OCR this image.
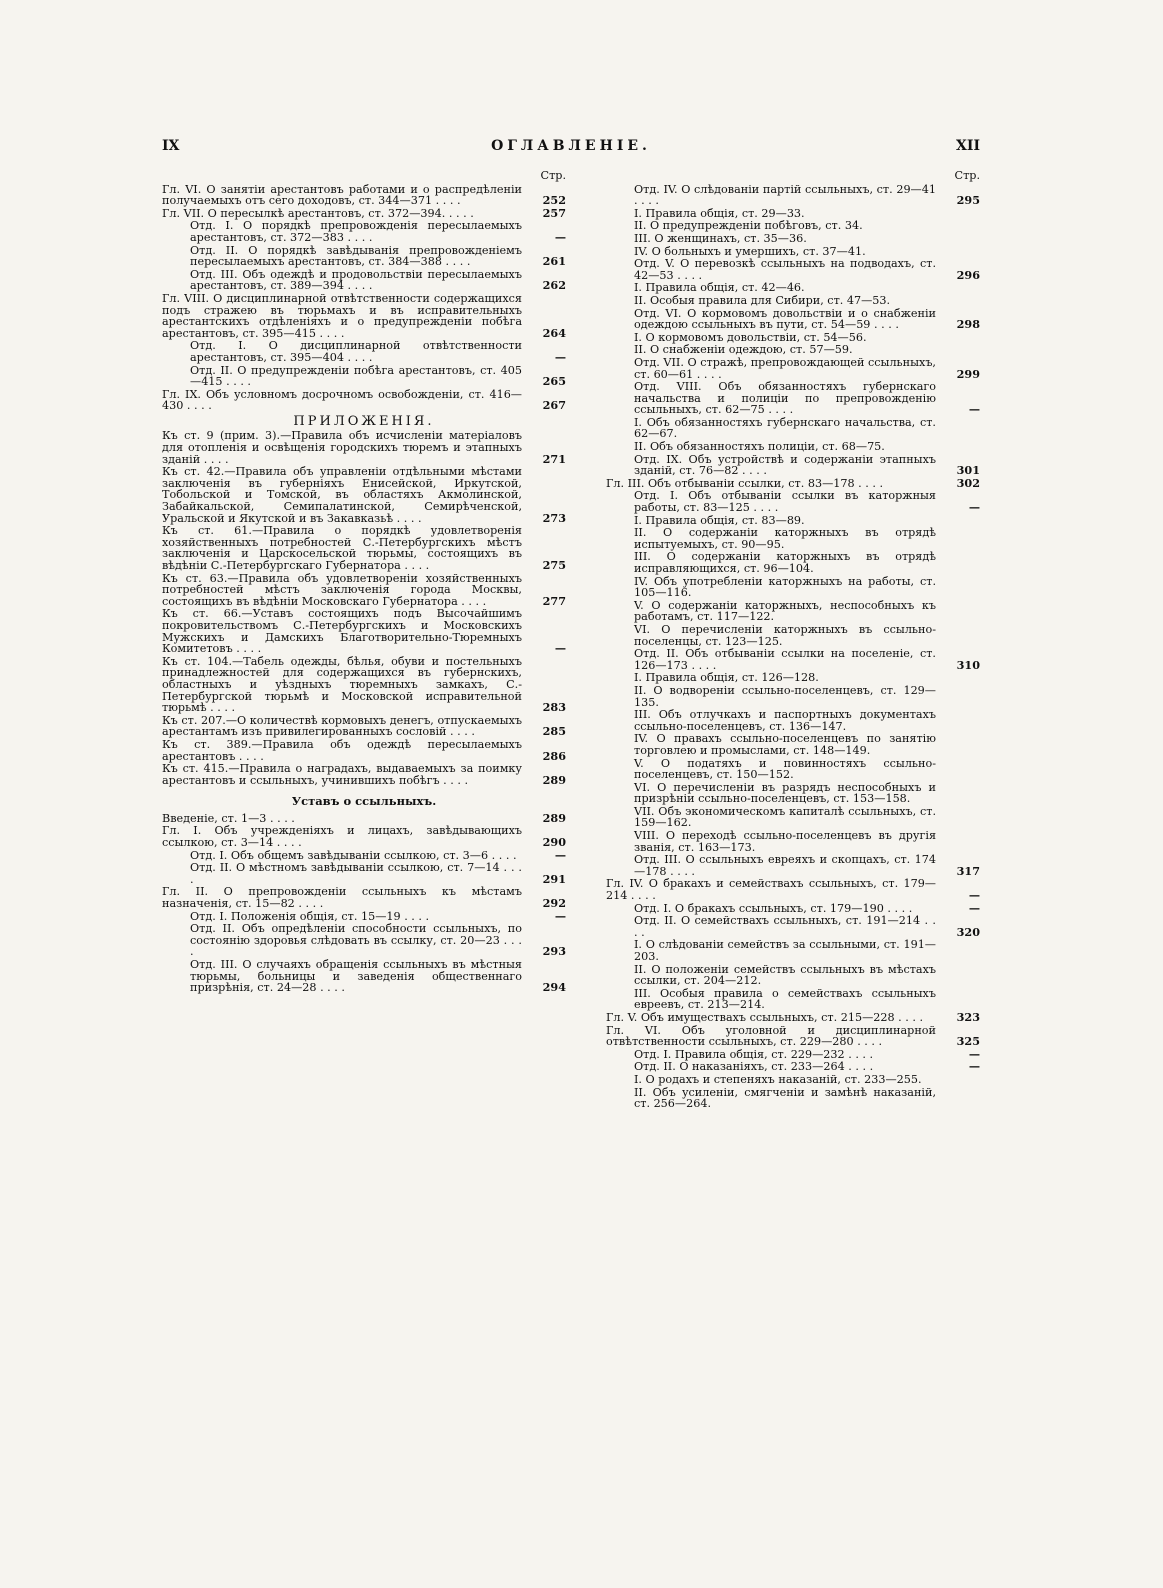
IX	ОГЛАВЛЕНІЕ.	XII
Стр.
Гл. VI. О занятіи арестантовъ работами и о распредѣленіи получаемыхъ отъ сего доходовъ, ст. 344—371 . . . .	252
Гл. VII. О пересылкѣ арестантовъ, ст. 372—394. . . . .	257
Отд. I. О порядкѣ препровожденія пересылаемыхъ арестантовъ, ст. 372—383 . . . .	—
Отд. II. О порядкѣ завѣдыванія препровожденіемъ пересылаемыхъ арестантовъ, ст. 384—388 . . . .	261
Отд. III. Объ одеждѣ и продовольствіи пересылаемыхъ арестантовъ, ст. 389—394 . . . .	262
Гл. VIII. О дисциплинарной отвѣтственности содержащихся подъ стражею въ тюрьмахъ и въ исправительныхъ арестантскихъ отдѣленіяхъ и о предупрежденіи побѣга арестантовъ, ст. 395—415 . . . .	264
Отд. I. О дисциплинарной отвѣтственности арестантовъ, ст. 395—404 . . . .	—
Отд. II. О предупрежденіи побѣга арестантовъ, ст. 405—415 . . . .	265
Гл. IX. Объ условномъ досрочномъ освобожденіи, ст. 416—430 . . . .	267
ПРИЛОЖЕНІЯ.
Къ ст. 9 (прим. 3).—Правила объ исчисленіи матеріаловъ для отопленія и освѣщенія городскихъ тюремъ и этапныхъ зданій . . . .	271
Къ ст. 42.—Правила объ управленіи отдѣльными мѣстами заключенія въ губерніяхъ Енисейской, Иркутской, Тобольской и Томской, въ областяхъ Акмолинской, Забайкальской, Семипалатинской, Семирѣченской, Уральской и Якутской и въ Закавказьѣ . . . .	273
Къ ст. 61.—Правила о порядкѣ удовлетворенія хозяйственныхъ потребностей С.-Петербургскихъ мѣстъ заключенія и Царскосельской тюрьмы, состоящихъ въ вѣдѣніи С.-Петербургскаго Губернатора . . . .	275
Къ ст. 63.—Правила объ удовлетвореніи хозяйственныхъ потребностей мѣстъ заключенія города Москвы, состоящихъ въ вѣдѣніи Московскаго Губернатора . . . .	277
Къ ст. 66.—Уставъ состоящихъ подъ Высочайшимъ покровительствомъ С.-Петербургскихъ и Московскихъ Мужскихъ и Дамскихъ Благотворительно-Тюремныхъ Комитетовъ . . . .	—
Къ ст. 104.—Табель одежды, бѣлья, обуви и постельныхъ принадлежностей для содержащихся въ губернскихъ, областныхъ и уѣздныхъ тюремныхъ замкахъ, С.-Петербургской тюрьмѣ и Московской исправительной тюрьмѣ . . . .	283
Къ ст. 207.—О количествѣ кормовыхъ денегъ, отпускаемыхъ арестантамъ изъ привилегированныхъ сословій . . . .	285
Къ ст. 389.—Правила объ одеждѣ пересылаемыхъ арестантовъ . . . .	286
Къ ст. 415.—Правила о наградахъ, выдаваемыхъ за поимку арестантовъ и ссыльныхъ, учинившихъ побѣгъ . . . .	289
Уставъ о ссыльныхъ.
Введеніе, ст. 1—3 . . . .	289
Гл. I. Объ учрежденіяхъ и лицахъ, завѣдывающихъ ссылкою, ст. 3—14 . . . .	290
Отд. I. Объ общемъ завѣдываніи ссылкою, ст. 3—6 . . . .	—
Отд. II. О мѣстномъ завѣдываніи ссылкою, ст. 7—14 . . . .	291
Гл. II. О препровожденіи ссыльныхъ къ мѣстамъ назначенія, ст. 15—82 . . . .	292
Отд. I. Положенія общія, ст. 15—19 . . . .	—
Отд. II. Объ опредѣленіи способности ссыльныхъ, по состоянію здоровья слѣдовать въ ссылку, ст. 20—23 . . . .	293
Отд. III. О случаяхъ обращенія ссыльныхъ въ мѣстныя тюрьмы, больницы и заведенія общественнаго призрѣнія, ст. 24—28 . . . .	294
Стр.
Отд. IV. О слѣдованіи партій ссыльныхъ, ст. 29—41 . . . .	295
I. Правила общія, ст. 29—33.
II. О предупрежденіи побѣговъ, ст. 34.
III. О женщинахъ, ст. 35—36.
IV. О больныхъ и умершихъ, ст. 37—41.
Отд. V. О перевозкѣ ссыльныхъ на подводахъ, ст. 42—53 . . . .	296
I. Правила общія, ст. 42—46.
II. Особыя правила для Сибири, ст. 47—53.
Отд. VI. О кормовомъ довольствіи и о снабженіи одеждою ссыльныхъ въ пути, ст. 54—59 . . . .	298
I. О кормовомъ довольствіи, ст. 54—56.
II. О снабженіи одеждою, ст. 57—59.
Отд. VII. О стражѣ, препровождающей ссыльныхъ, ст. 60—61 . . . .	299
Отд. VIII. Объ обязанностяхъ губернскаго начальства и полиціи по препровожденію ссыльныхъ, ст. 62—75 . . . .	—
I. Объ обязанностяхъ губернскаго начальства, ст. 62—67.
II. Объ обязанностяхъ полиціи, ст. 68—75.
Отд. IX. Объ устройствѣ и содержаніи этапныхъ зданій, ст. 76—82 . . . .	301
Гл. III. Объ отбываніи ссылки, ст. 83—178 . . . .	302
Отд. I. Объ отбываніи ссылки въ каторжныя работы, ст. 83—125 . . . .	—
I. Правила общія, ст. 83—89.
II. О содержаніи каторжныхъ въ отрядѣ испытуемыхъ, ст. 90—95.
III. О содержаніи каторжныхъ въ отрядѣ исправляющихся, ст. 96—104.
IV. Объ употребленіи каторжныхъ на работы, ст. 105—116.
V. О содержаніи каторжныхъ, неспособныхъ къ работамъ, ст. 117—122.
VI. О перечисленіи каторжныхъ въ ссыльно-поселенцы, ст. 123—125.
Отд. II. Объ отбываніи ссылки на поселеніе, ст. 126—173 . . . .	310
I. Правила общія, ст. 126—128.
II. О водвореніи ссыльно-поселенцевъ, ст. 129—135.
III. Объ отлучкахъ и паспортныхъ документахъ ссыльно-поселенцевъ, ст. 136—147.
IV. О правахъ ссыльно-поселенцевъ по занятію торговлею и промыслами, ст. 148—149.
V. О податяхъ и повинностяхъ ссыльно-поселенцевъ, ст. 150—152.
VI. О перечисленіи въ разрядъ неспособныхъ и призрѣніи ссыльно-поселенцевъ, ст. 153—158.
VII. Объ экономическомъ капиталѣ ссыльныхъ, ст. 159—162.
VIII. О переходѣ ссыльно-поселенцевъ въ другія званія, ст. 163—173.
Отд. III. О ссыльныхъ евреяхъ и скопцахъ, ст. 174—178 . . . .	317
Гл. IV. О бракахъ и семействахъ ссыльныхъ, ст. 179—214 . . . .	—
Отд. I. О бракахъ ссыльныхъ, ст. 179—190 . . . .	—
Отд. II. О семействахъ ссыльныхъ, ст. 191—214 . . . .	320
I. О слѣдованіи семействъ за ссыльными, ст. 191—203.
II. О положеніи семействъ ссыльныхъ въ мѣстахъ ссылки, ст. 204—212.
III. Особыя правила о семействахъ ссыльныхъ евреевъ, ст. 213—214.
Гл. V. Объ имуществахъ ссыльныхъ, ст. 215—228 . . . .	323
Гл. VI. Объ уголовной и дисциплинарной отвѣтственности ссыльныхъ, ст. 229—280 . . . .	325
Отд. I. Правила общія, ст. 229—232 . . . .	—
Отд. II. О наказаніяхъ, ст. 233—264 . . . .	—
I. О родахъ и степеняхъ наказаній, ст. 233—255.
II. Объ усиленіи, смягченіи и замѣнѣ наказаній, ст. 256—264.
